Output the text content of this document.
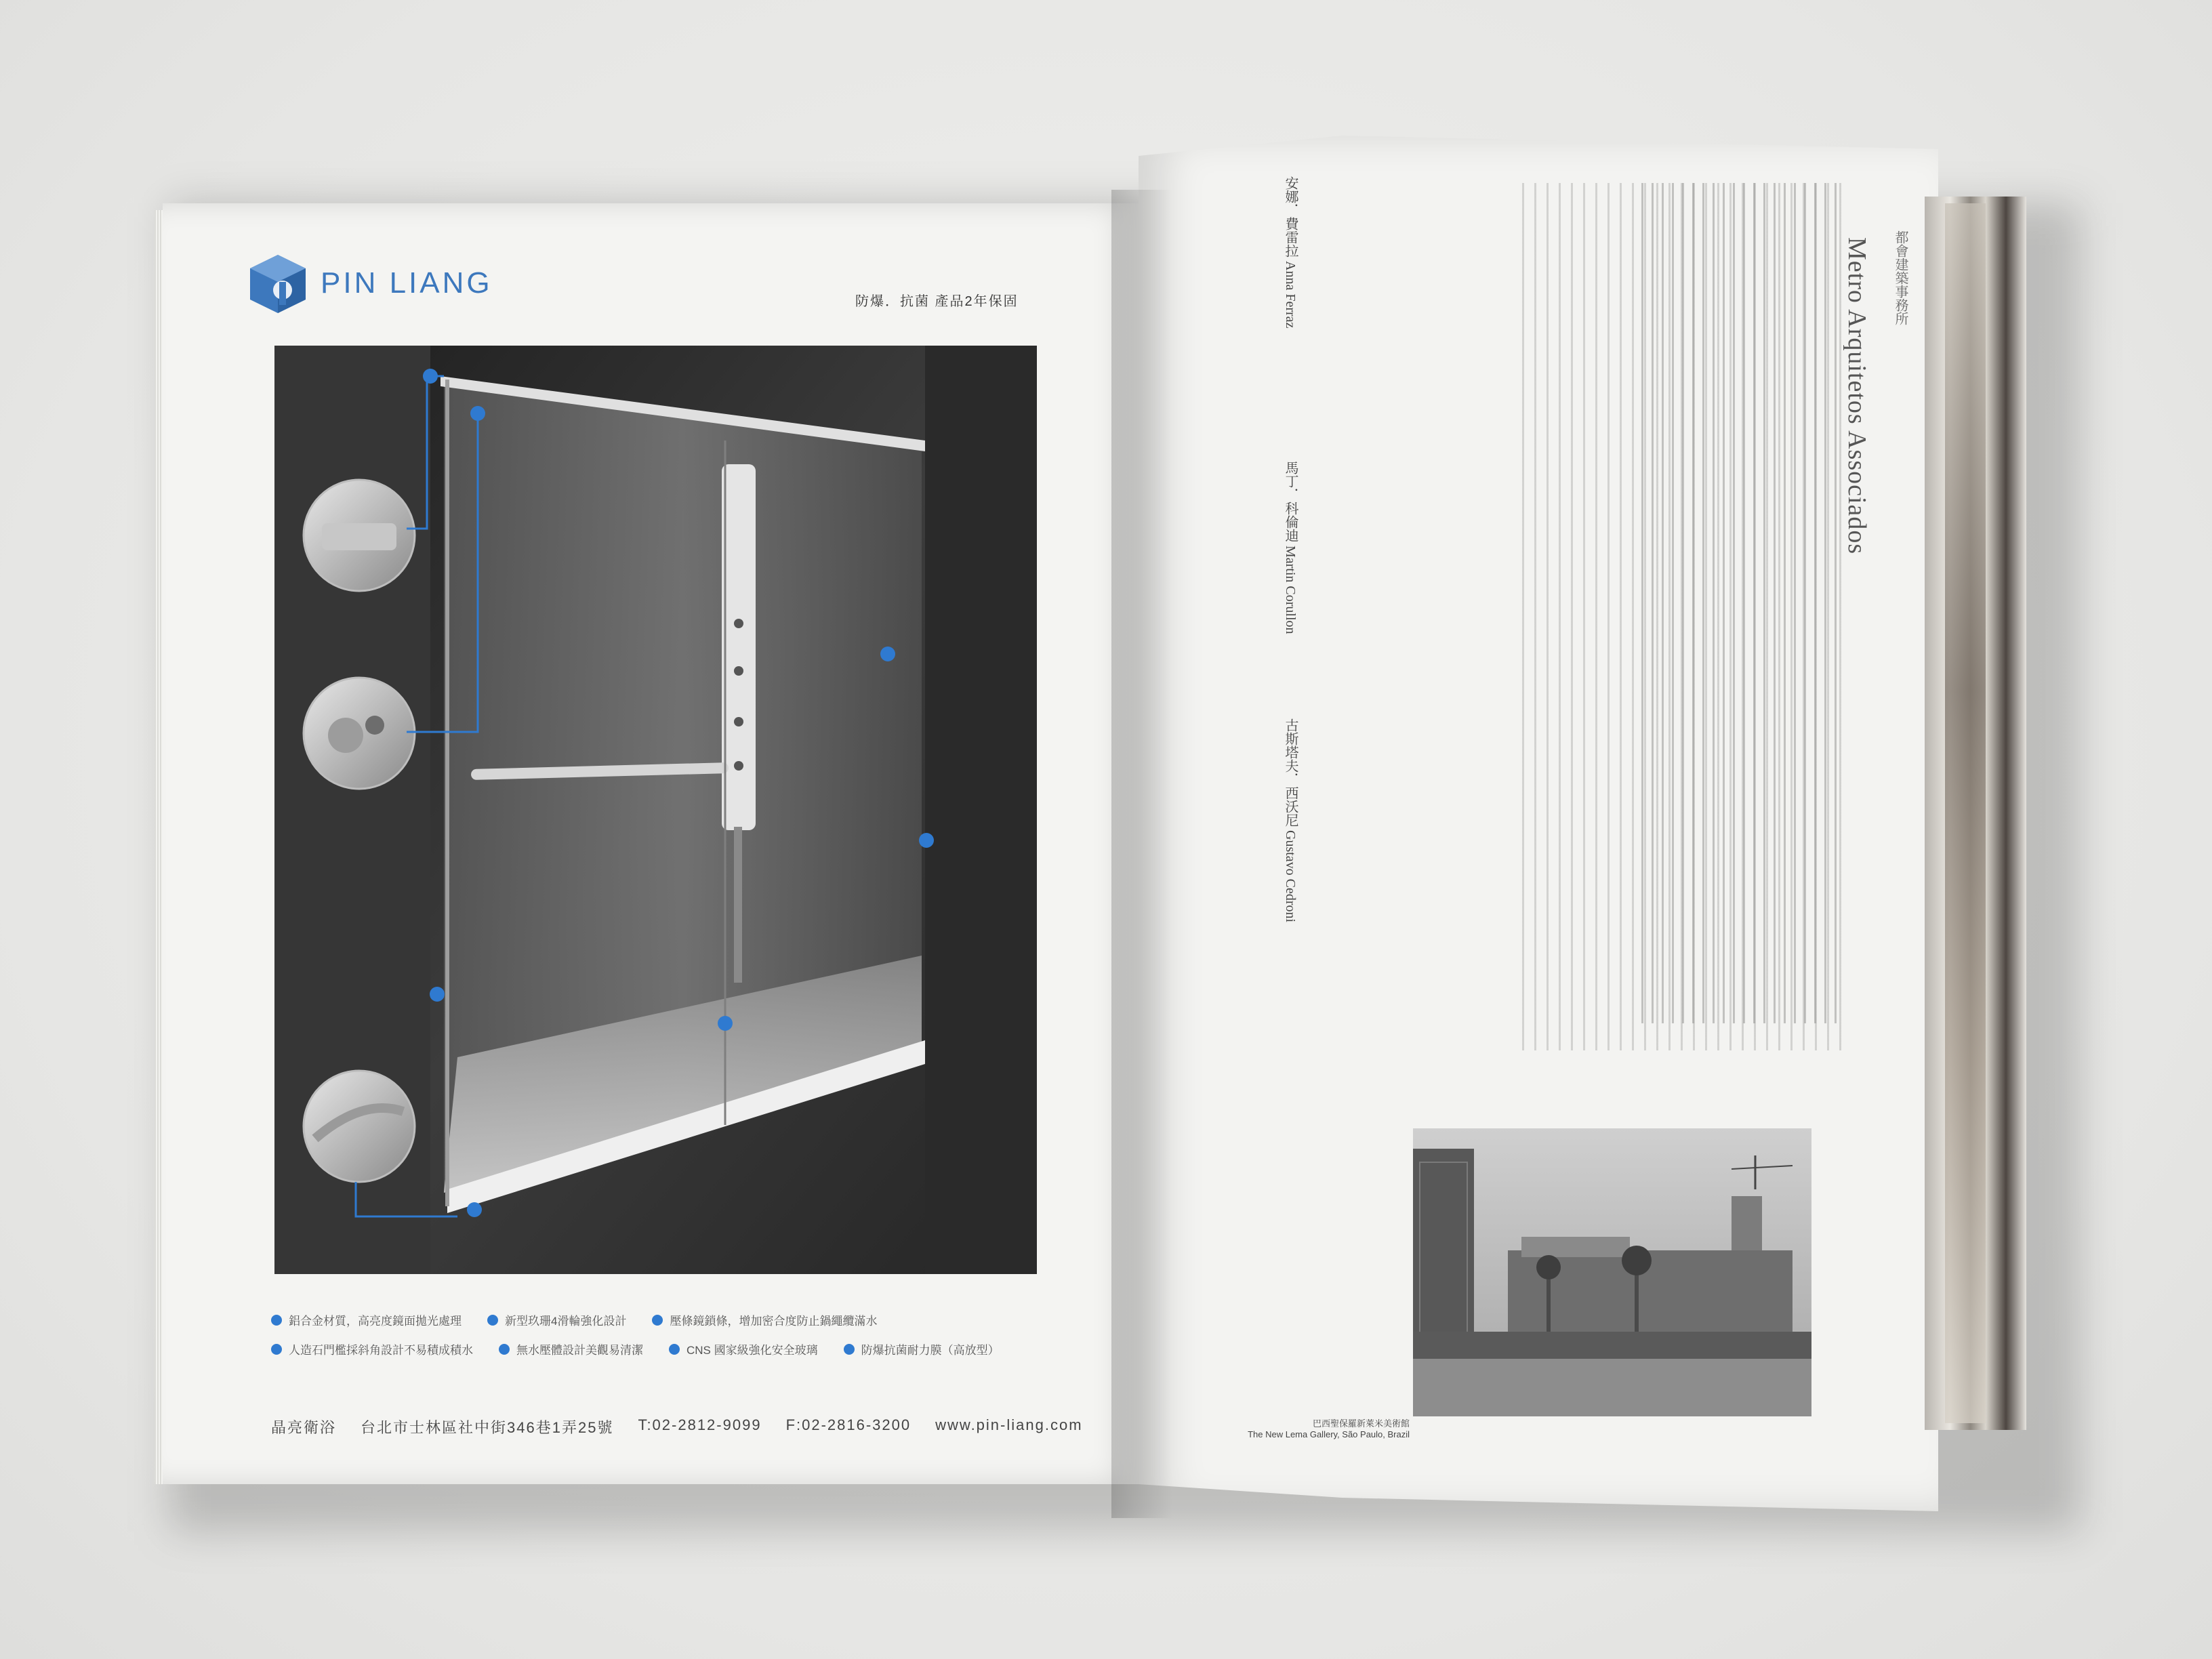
PIN LIANG
防爆．抗菌 產品2年保固
鋁合金材質，高亮度鏡面拋光處理	新型玖珊4滑輪強化設計	壓條鏡鎖條，增加密合度防止鍋繩纜滿水
人造石門檻採斜角設計不易積成積水	無水壓體設計美觀易清潔	CNS 國家級強化安全玻璃	防爆抗菌耐力膜（高放型）
晶亮衛浴 台北市士林區社中街346巷1弄25號 T:02-2812-9099 F:02-2816-3200 www.pin-liang.com
Metro Arquitetos Associados 都會建築事務所
安娜．費雷拉 Anna Ferraz
馬丁．科倫迪 Martin Corullon
古斯塔夫．西沃尼 Gustavo Cedroni
巴西聖保羅新萊米美術館
The New Lema Gallery, São Paulo, Brazil
